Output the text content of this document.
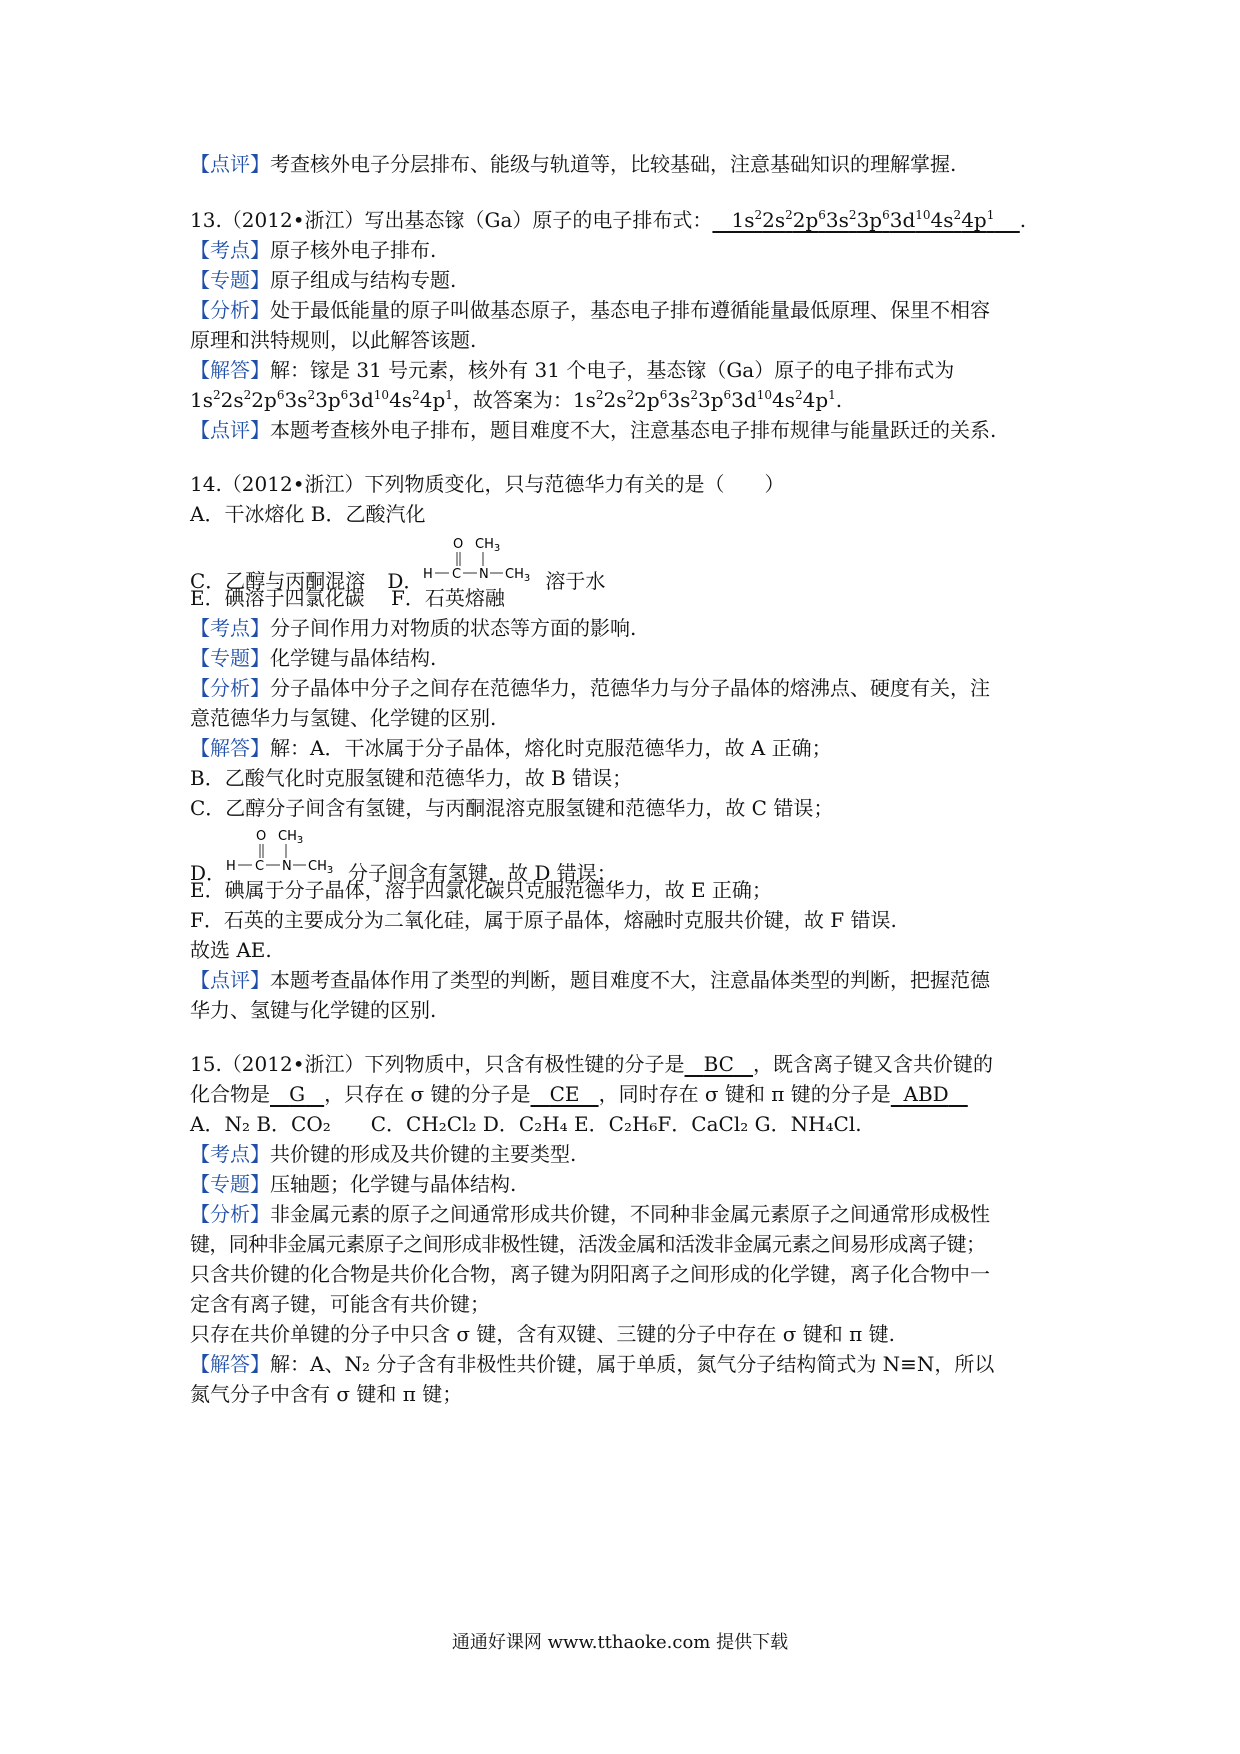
【点评】考查核外电子分层排布、能级与轨道等，比较基础，注意基础知识的理解掌握.
13.（2012•浙江）写出基态镓（Ga）原子的电子排布式：   $1s^22s^22p^63s^23p^63d^{10}4s^24p^1$ .
【考点】原子核外电子排布.
【专题】原子组成与结构专题.
【分析】处于最低能量的原子叫做基态原子，基态电子排布遵循能量最低原理、保里不相容
原理和洪特规则，以此解答该题.
【解答】解：镓是 31 号元素，核外有 31 个电子，基态镓（Ga）原子的电子排布式为
$1s^22s^22p^63s^23p^63d^{10}4s^24p^1$，故答案为：$1s^22s^22p^63s^23p^63d^{10}4s^24p^1$.
【点评】本题考查核外电子排布，题目难度不大，注意基态电子排布规律与能量跃迁的关系.
14.（2012•浙江）下列物质变化，只与范德华力有关的是（　　）
A．干冰熔化 B．乙酸汽化
C．乙醇与丙酮混溶 D．
O $CH_3$
H C N $CH_3$ 溶于水
E．碘溶于四氯化碳　 F．石英熔融
【考点】分子间作用力对物质的状态等方面的影响.
【专题】化学键与晶体结构.
【分析】分子晶体中分子之间存在范德华力，范德华力与分子晶体的熔沸点、硬度有关，注
意范德华力与氢键、化学键的区别.
【解答】解：A．干冰属于分子晶体，熔化时克服范德华力，故 A 正确；
B．乙酸气化时克服氢键和范德华力，故 B 错误；
C．乙醇分子间含有氢键，与丙酮混溶克服氢键和范德华力，故 C 错误；
D．
O $CH_3$
H C N $CH_3$ 分子间含有氢键，故 D 错误；
E．碘属于分子晶体，溶于四氯化碳只克服范德华力，故 E 正确；
F．石英的主要成分为二氧化硅，属于原子晶体，熔融时克服共价键，故 F 错误.
故选 AE.
【点评】本题考查晶体作用了类型的判断，题目难度不大，注意晶体类型的判断，把握范德
华力、氢键与化学键的区别.
15.（2012•浙江）下列物质中，只含有极性键的分子是 BC ，既含离子键又含共价键的
化合物是 G ，只存在 σ 键的分子是 CE ，同时存在 σ 键和 π 键的分子是 ABD
A．N₂ B．CO₂　　C．CH₂Cl₂ D．C₂H₄ E．C₂H₆F．CaCl₂ G．NH₄Cl.
【考点】共价键的形成及共价键的主要类型.
【专题】压轴题；化学键与晶体结构.
【分析】非金属元素的原子之间通常形成共价键，不同种非金属元素原子之间通常形成极性
键，同种非金属元素原子之间形成非极性键，活泼金属和活泼非金属元素之间易形成离子键；
只含共价键的化合物是共价化合物，离子键为阴阳离子之间形成的化学键，离子化合物中一
定含有离子键，可能含有共价键；
只存在共价单键的分子中只含 σ 键，含有双键、三键的分子中存在 σ 键和 π 键.
【解答】解：A、N₂ 分子含有非极性共价键，属于单质，氮气分子结构简式为 N≡N，所以
氮气分子中含有 σ 键和 π 键；
通通好课网 www.tthaoke.com 提供下载
